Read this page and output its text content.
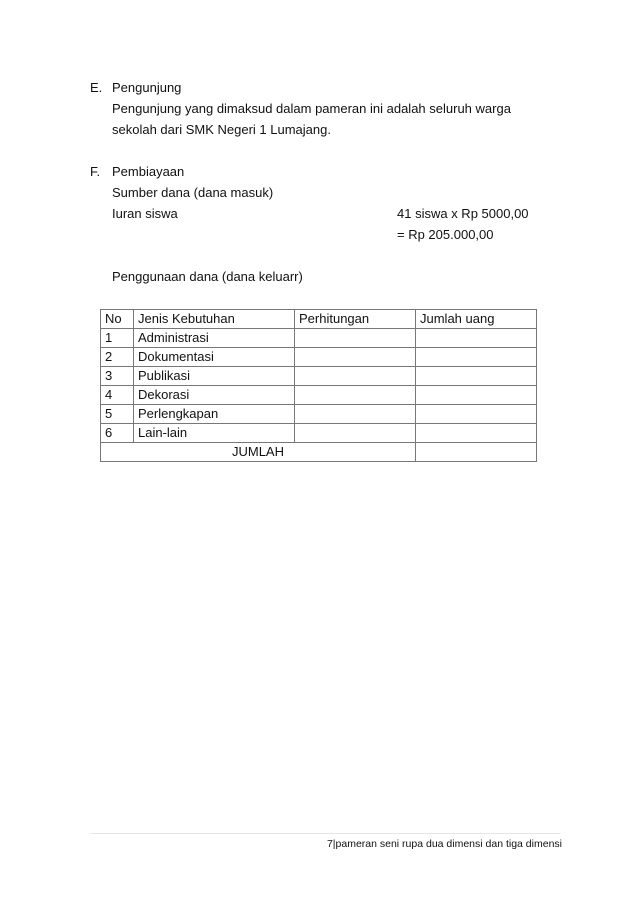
E. Pengunjung
Pengunjung yang dimaksud dalam pameran ini adalah seluruh warga
sekolah dari SMK Negeri 1 Lumajang.
F. Pembiayaan
Sumber dana (dana masuk)
Iuran siswa	41 siswa x Rp 5000,00
= Rp 205.000,00
Penggunaan dana (dana keluarr)
No	Jenis Kebutuhan	Perhitungan	Jumlah uang
1	Administrasi		
2	Dokumentasi		
3	Publikasi		
4	Dekorasi		
5	Perlengkapan		
6	Lain-lain		
JUMLAH			
7|pameran seni rupa dua dimensi dan tiga dimensi
